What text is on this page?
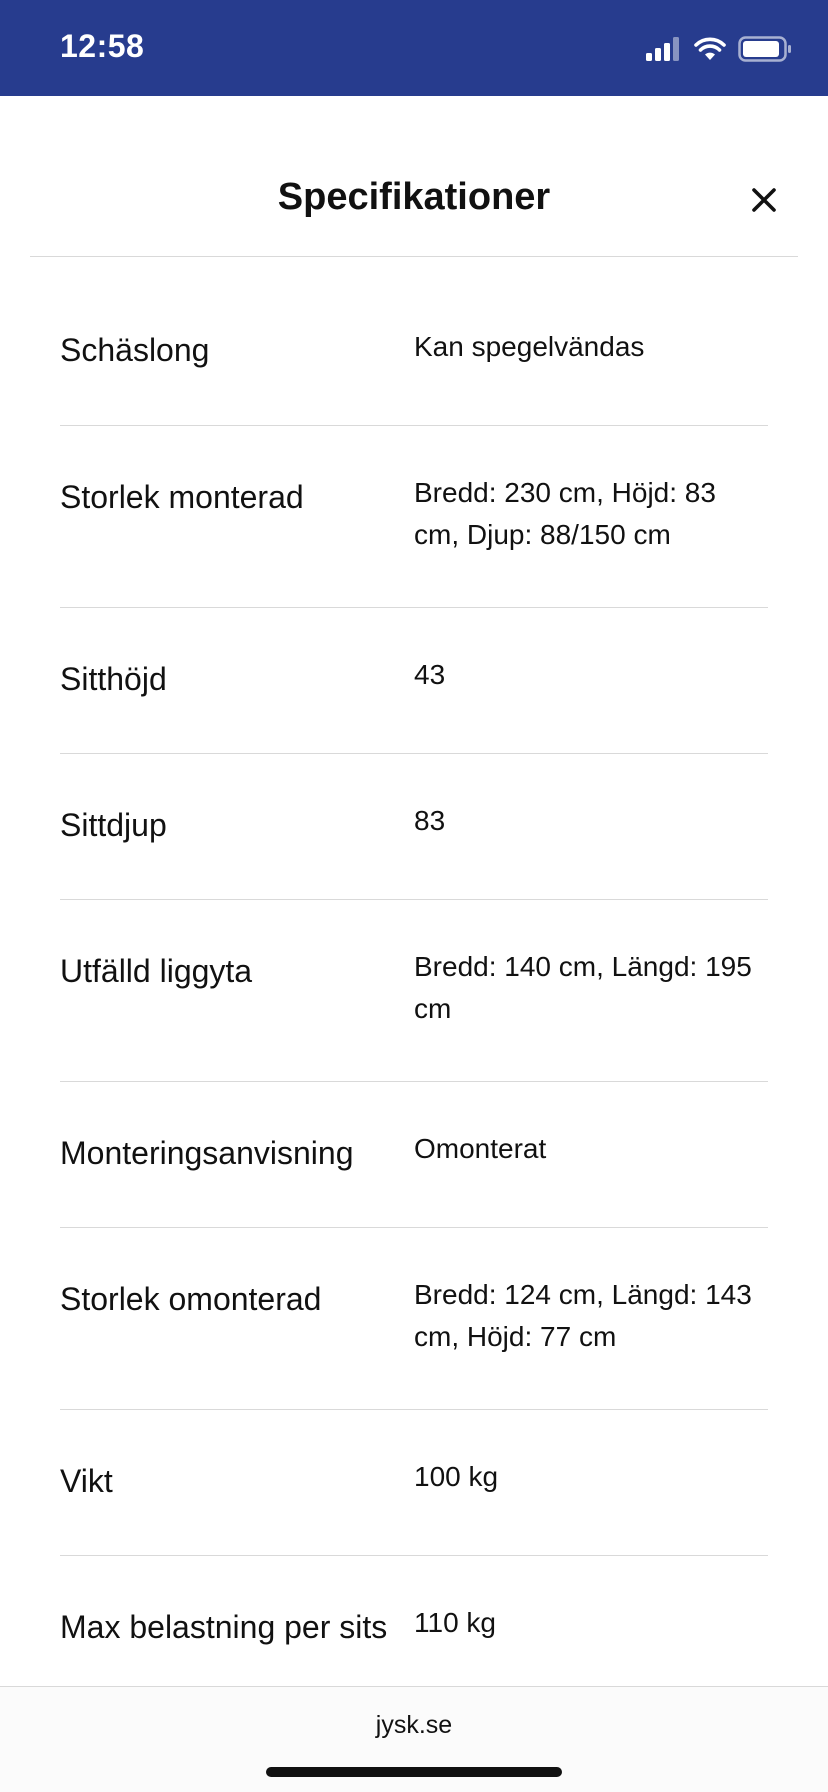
12:58
Specifikationer
Schäslong	Kan spegelvändas
Storlek monterad	Bredd: 230 cm, Höjd: 83 cm, Djup: 88/150 cm
Sitthöjd	43
Sittdjup	83
Utfälld liggyta	Bredd: 140 cm, Längd: 195 cm
Monteringsanvisning	Omonterat
Storlek omonterad	Bredd: 124 cm, Längd: 143 cm, Höjd: 77 cm
Vikt	100 kg
Max belastning per sits 110 kg
jysk.se
